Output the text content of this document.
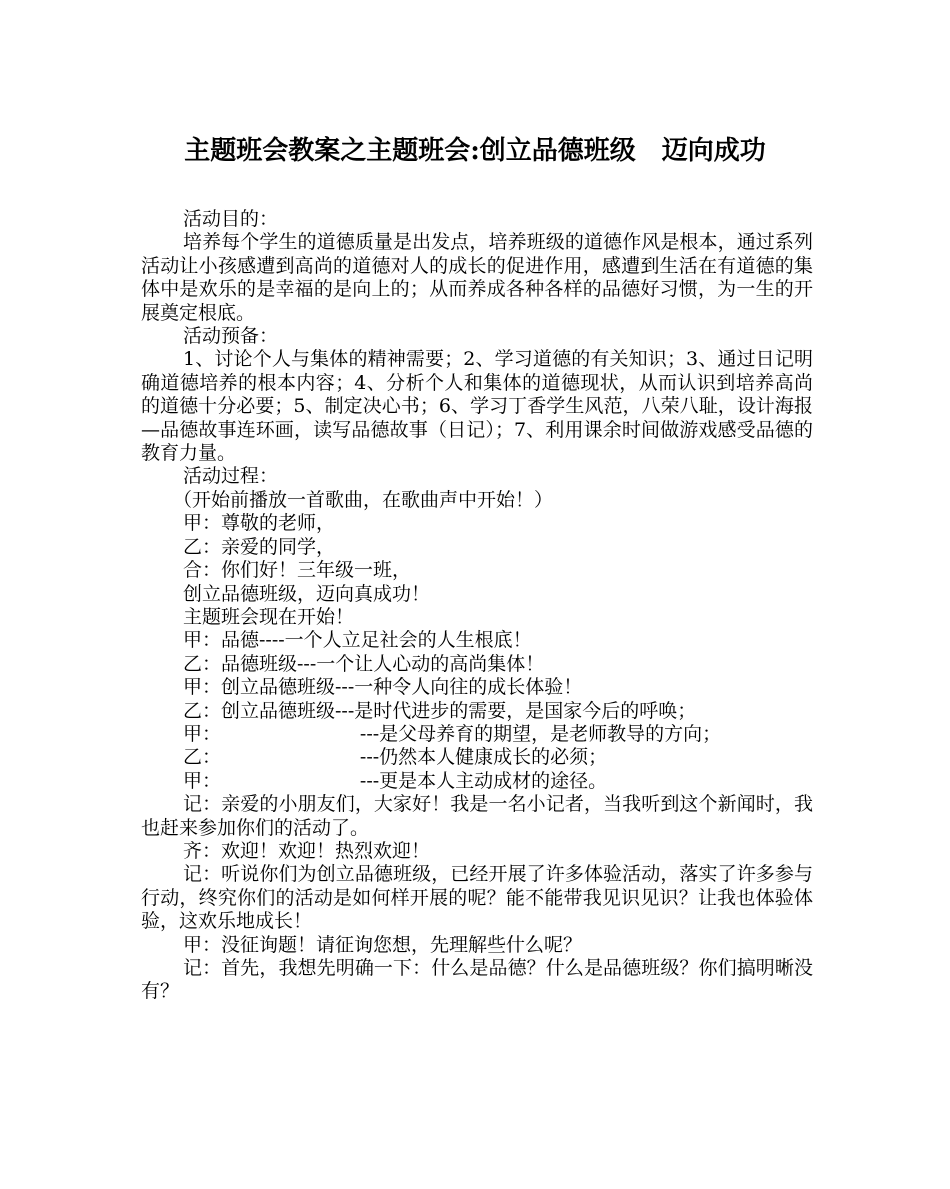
主题班会教案之主题班会:创立品德班级　迈向成功

活动目的：

培养每个学生的道德质量是出发点，培养班级的道德作风是根本，通过系列活动让小孩感遭到高尚的道德对人的成长的促进作用，感遭到生活在有道德的集体中是欢乐的是幸福的是向上的；从而养成各种各样的品德好习惯，为一生的开展奠定根底。

活动预备：

1、讨论个人与集体的精神需要；2、学习道德的有关知识；3、通过日记明确道德培养的根本内容；4、分析个人和集体的道德现状，从而认识到培养高尚的道德十分必要；5、制定决心书；6、学习丁香学生风范，八荣八耻，设计海报—品德故事连环画，读写品德故事（日记）；7、利用课余时间做游戏感受品德的教育力量。

活动过程：

（开始前播放一首歌曲，在歌曲声中开始！）

甲：尊敬的老师，

乙：亲爱的同学，

合：你们好！三年级一班，

创立品德班级，迈向真成功！

主题班会现在开始！

甲：品德----一个人立足社会的人生根底！

乙：品德班级---一个让人心动的高尚集体！

甲：创立品德班级---一种令人向往的成长体验！

乙：创立品德班级---是时代进步的需要，是国家今后的呼唤；

甲：                       ---是父母养育的期望，是老师教导的方向；

乙：                       ---仍然本人健康成长的必须；

甲：                       ---更是本人主动成材的途径。

记：亲爱的小朋友们，大家好！我是一名小记者，当我听到这个新闻时，我也赶来参加你们的活动了。

齐：欢迎！欢迎！热烈欢迎！

记：听说你们为创立品德班级，已经开展了许多体验活动，落实了许多参与行动，终究你们的活动是如何样开展的呢？能不能带我见识见识？让我也体验体验，这欢乐地成长！

甲：没征询题！请征询您想，先理解些什么呢？

记：首先，我想先明确一下：什么是品德？什么是品德班级？你们搞明晰没有？
